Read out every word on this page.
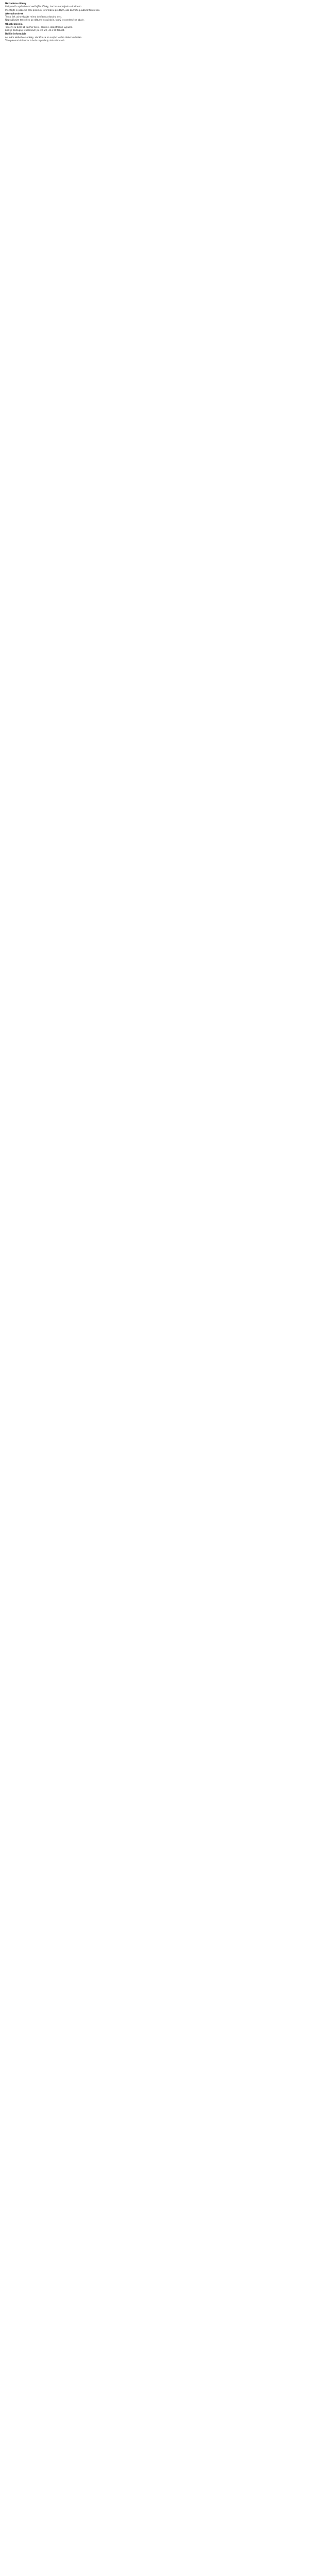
Nežiaduce účinky
Lieky môžu spôsobovať vedľajšie účinky, hoci sa neprejavia u každého.
Prečítajte si pozorne celú písomnú informáciu predtým, ako začnete používať tento liek.
Ako uchovávať
Tento liek uchovávajte mimo dohľadu a dosahu detí.
Nepoužívajte tento liek po dátume exspirácie, ktorý je uvedený na obale.
Obsah balenia
Tablety sú biele až takmer biele, okrúhle, obojstranne vypuklé.
Liek je dostupný v baleniach po 10, 20, 30 a 60 tabliet.
Ďalšie informácie
Ak máte akékoľvek otázky, obráťte sa na svojho lekára alebo lekárnika.
Táto písomná informácia bola naposledy aktualizovaná.
